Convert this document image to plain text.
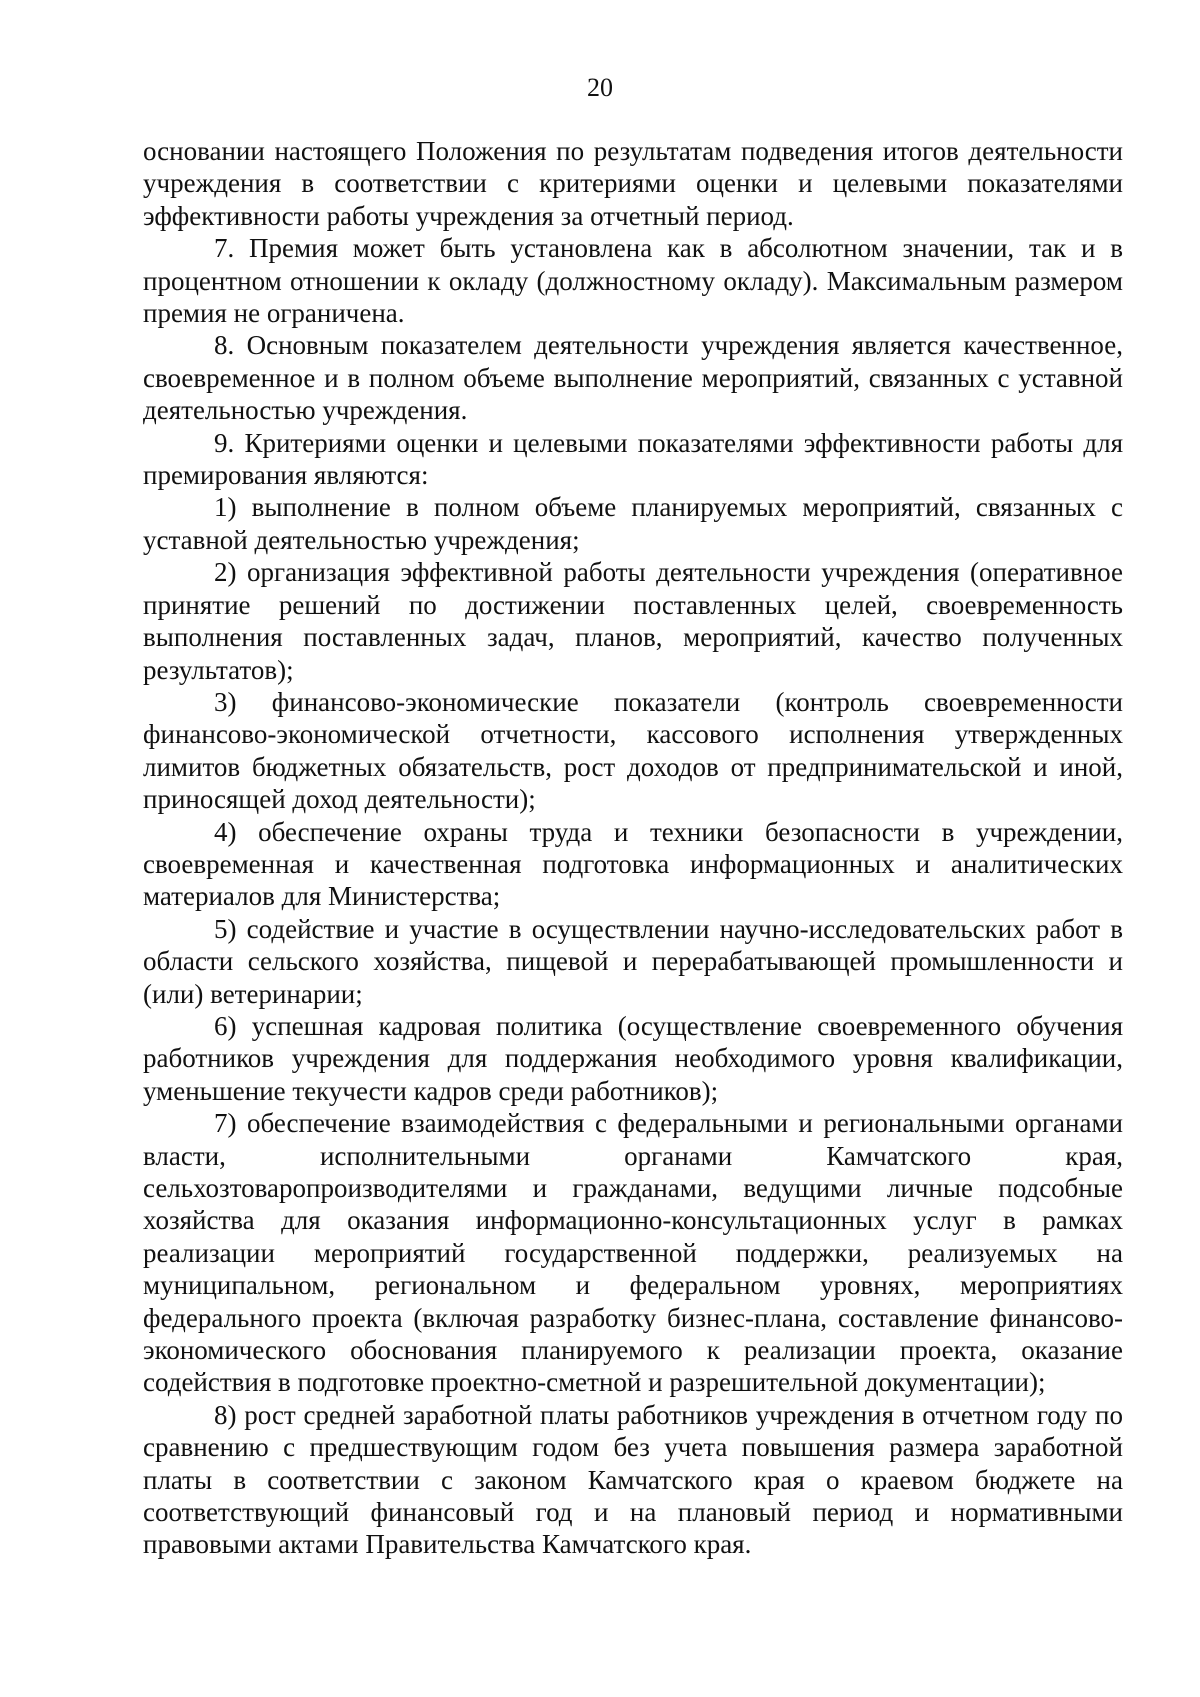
20

основании настоящего Положения по результатам подведения итогов деятельности учреждения в соответствии с критериями оценки и целевыми показателями эффективности работы учреждения за отчетный период.

7. Премия может быть установлена как в абсолютном значении, так и в процентном отношении к окладу (должностному окладу). Максимальным размером премия не ограничена.

8. Основным показателем деятельности учреждения является качественное, своевременное и в полном объеме выполнение мероприятий, связанных с уставной деятельностью учреждения.

9. Критериями оценки и целевыми показателями эффективности работы для премирования являются:

1) выполнение в полном объеме планируемых мероприятий, связанных с уставной деятельностью учреждения;

2) организация эффективной работы деятельности учреждения (оперативное принятие решений по достижении поставленных целей, своевременность выполнения поставленных задач, планов, мероприятий, качество полученных результатов);

3) финансово-экономические показатели (контроль своевременности финансово-экономической отчетности, кассового исполнения утвержденных лимитов бюджетных обязательств, рост доходов от предпринимательской и иной, приносящей доход деятельности);

4) обеспечение охраны труда и техники безопасности в учреждении, своевременная и качественная подготовка информационных и аналитических материалов для Министерства;

5) содействие и участие в осуществлении научно-исследовательских работ в области сельского хозяйства, пищевой и перерабатывающей промышленности и (или) ветеринарии;

6) успешная кадровая политика (осуществление своевременного обучения работников учреждения для поддержания необходимого уровня квалификации, уменьшение текучести кадров среди работников);

7) обеспечение взаимодействия с федеральными и региональными органами власти, исполнительными органами Камчатского края, сельхозтоваропроизводителями и гражданами, ведущими личные подсобные хозяйства для оказания информационно-консультационных услуг в рамках реализации мероприятий государственной поддержки, реализуемых на муниципальном, региональном и федеральном уровнях, мероприятиях федерального проекта (включая разработку бизнес-плана, составление финансово-экономического обоснования планируемого к реализации проекта, оказание содействия в подготовке проектно-сметной и разрешительной документации);

8) рост средней заработной платы работников учреждения в отчетном году по сравнению с предшествующим годом без учета повышения размера заработной платы в соответствии с законом Камчатского края о краевом бюджете на соответствующий финансовый год и на плановый период и нормативными правовыми актами Правительства Камчатского края.
